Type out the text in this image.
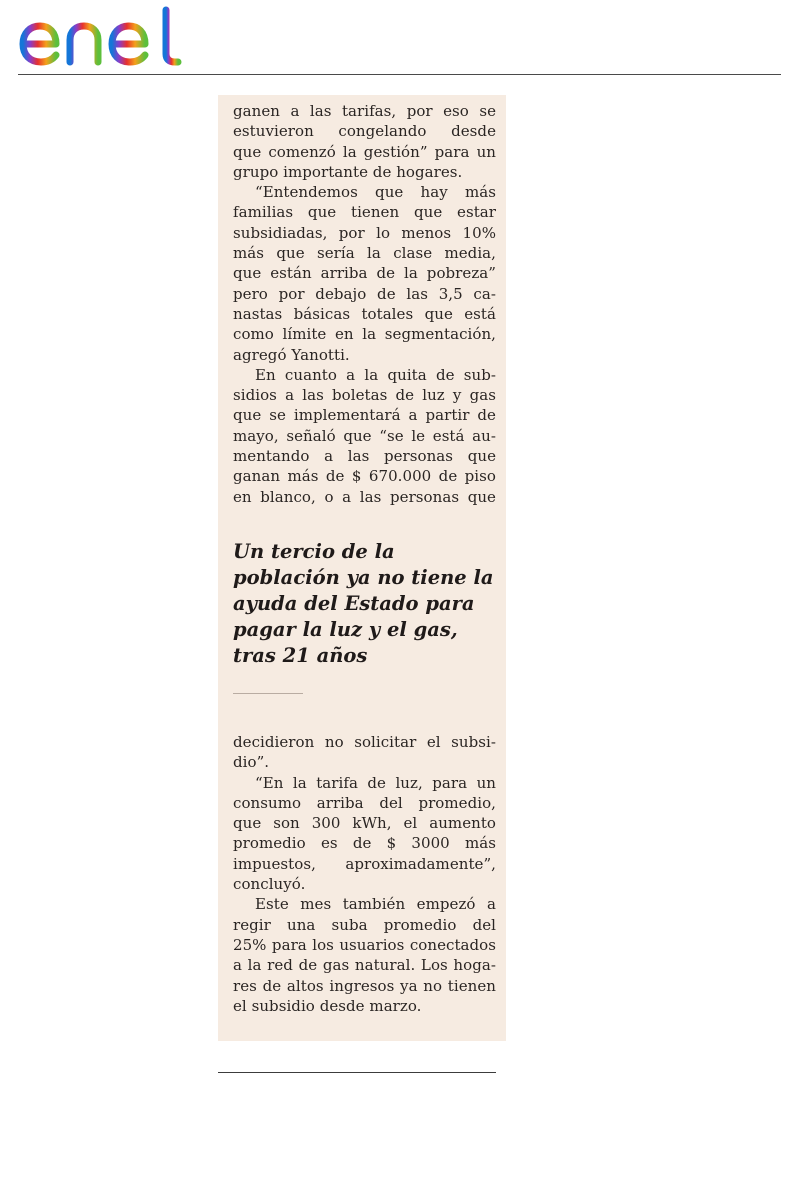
ganen a las tarifas, por eso se
estuvieron congelando desde
que comenzó la gestión” para un
grupo importante de hogares.
“Entendemos que hay más
familias que tienen que estar
subsidiadas, por lo menos 10%
más que sería la clase media,
que están arriba de la pobreza”
pero por debajo de las 3,5 ca-
nastas básicas totales que está
como límite en la segmentación,
agregó Yanotti.
En cuanto a la quita de sub-
sidios a las boletas de luz y gas
que se implementará a partir de
mayo, señaló que “se le está au-
mentando a las personas que
ganan más de $ 670.000 de piso
en blanco, o a las personas que
Un tercio de la
población ya no tiene la
ayuda del Estado para
pagar la luz y el gas,
tras 21 años
decidieron no solicitar el subsi-
dio”.
“En la tarifa de luz, para un
consumo arriba del promedio,
que son 300 kWh, el aumento
promedio es de $ 3000 más
impuestos, aproximadamente”,
concluyó.
Este mes también empezó a
regir una suba promedio del
25% para los usuarios conectados
a la red de gas natural. Los hoga-
res de altos ingresos ya no tienen
el subsidio desde marzo.
